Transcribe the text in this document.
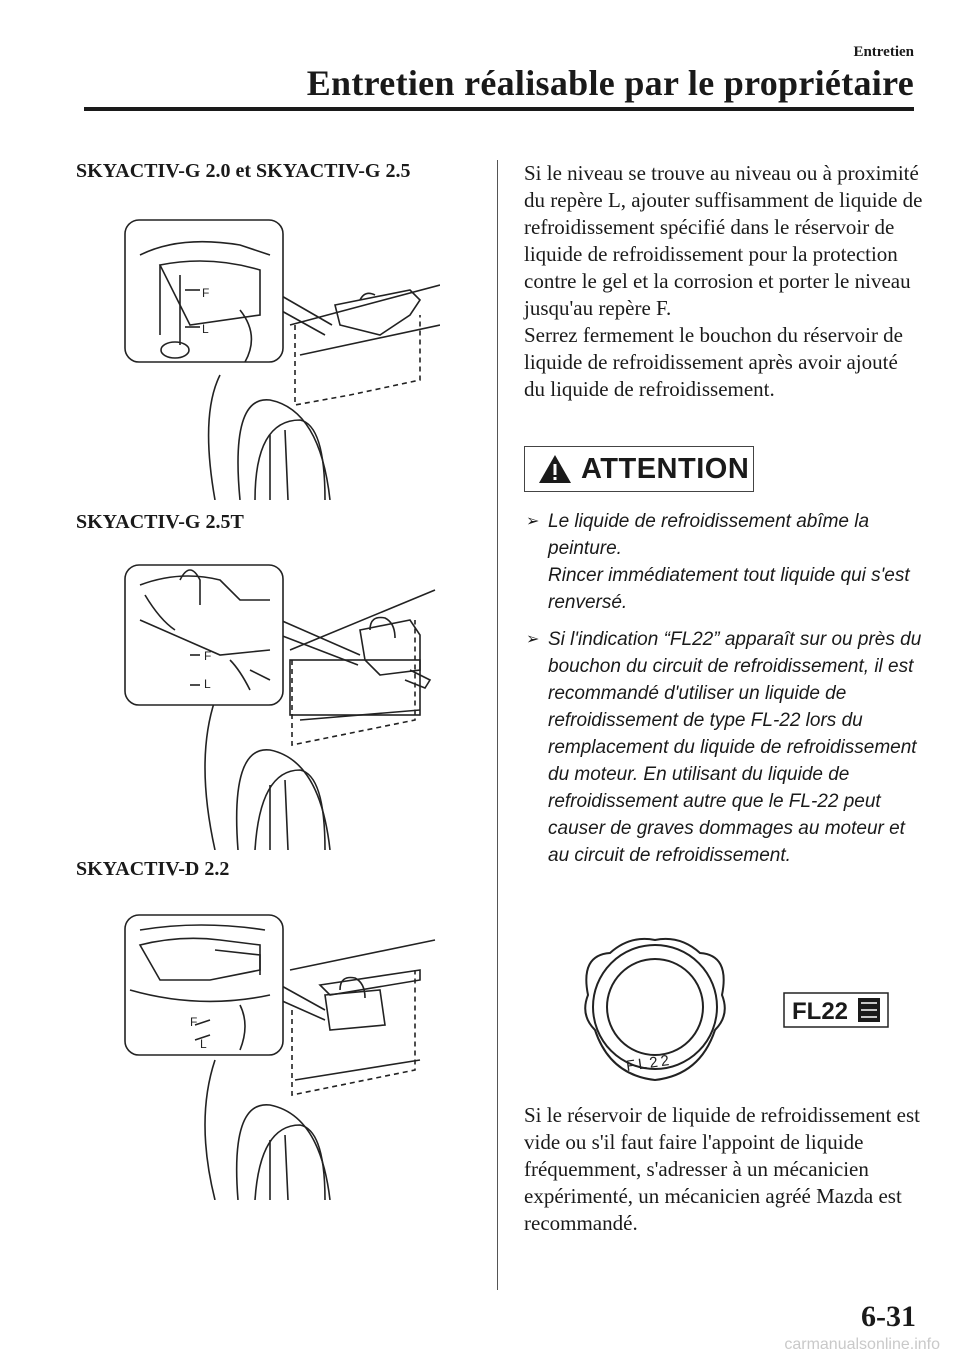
Entretien
Entretien réalisable par le propriétaire
SKYACTIV-G 2.0 et SKYACTIV-G 2.5
SKYACTIV-G 2.5T
SKYACTIV-D 2.2
F
L
F
L
F
L

Si le niveau se trouve au niveau ou à proximité du repère L, ajouter suffisamment de liquide de refroidissement spécifié dans le réservoir de liquide de refroidissement pour la protection contre le gel et la corrosion et porter le niveau jusqu'au repère F.

Serrez fermement le bouchon du réservoir de liquide de refroidissement après avoir ajouté du liquide de refroidissement.

ATTENTION
➢ Le liquide de refroidissement abîme la peinture.

Rincer immédiatement tout liquide qui s'est renversé.

➢ Si l'indication “FL22” apparaît sur ou près du bouchon du circuit de refroidissement, il est recommandé d'utiliser un liquide de refroidissement de type FL-22 lors du remplacement du liquide de refroidissement du moteur. En utilisant du liquide de refroidissement autre que le FL-22 peut causer de graves dommages au moteur et au circuit de refroidissement.

FL22
FL22
Si le réservoir de liquide de refroidissement est vide ou s'il faut faire l'appoint de liquide fréquemment, s'adresser à un mécanicien expérimenté, un mécanicien agréé Mazda est recommandé.
6-31
carmanualsonline.info
